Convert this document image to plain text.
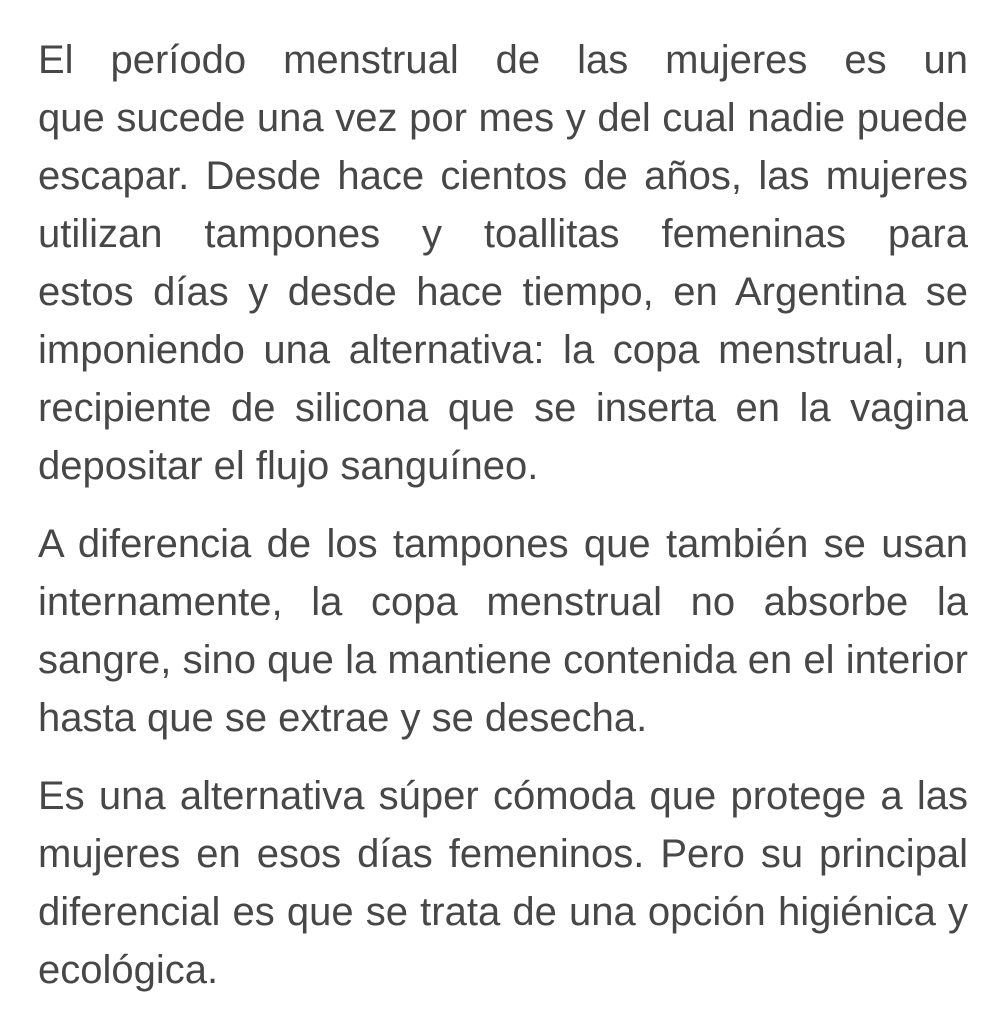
El período menstrual de las mujeres es un
que sucede una vez por mes y del cual nadie puede
escapar. Desde hace cientos de años, las mujeres
utilizan tampones y toallitas femeninas para
estos días y desde hace tiempo, en Argentina se
imponiendo una alternativa: la copa menstrual, un
recipiente de silicona que se inserta en la vagina
depositar el flujo sanguíneo.

A diferencia de los tampones que también se usan
internamente, la copa menstrual no absorbe la
sangre, sino que la mantiene contenida en el interior
hasta que se extrae y se desecha.

Es una alternativa súper cómoda que protege a las
mujeres en esos días femeninos. Pero su principal
diferencial es que se trata de una opción higiénica y
ecológica.
